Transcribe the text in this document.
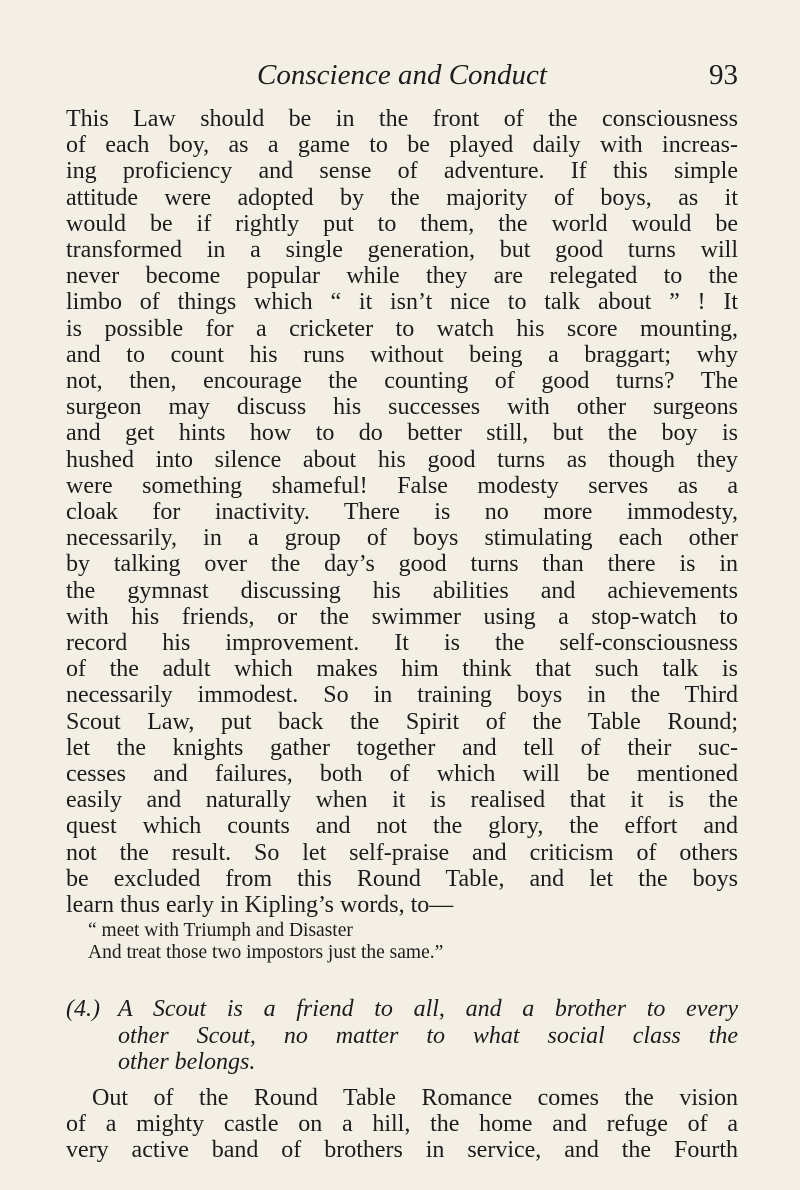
Conscience and Conduct	93
This Law should be in the front of the consciousness
of each boy, as a game to be played daily with increas-
ing proficiency and sense of adventure. If this simple
attitude were adopted by the majority of boys, as it
would be if rightly put to them, the world would be
transformed in a single generation, but good turns will
never become popular while they are relegated to the
limbo of things which “ it isn’t nice to talk about ” ! It
is possible for a cricketer to watch his score mounting,
and to count his runs without being a braggart; why
not, then, encourage the counting of good turns? The
surgeon may discuss his successes with other surgeons
and get hints how to do better still, but the boy is
hushed into silence about his good turns as though they
were something shameful! False modesty serves as a
cloak for inactivity. There is no more immodesty,
necessarily, in a group of boys stimulating each other
by talking over the day’s good turns than there is in
the gymnast discussing his abilities and achievements
with his friends, or the swimmer using a stop-watch to
record his improvement. It is the self-consciousness
of the adult which makes him think that such talk is
necessarily immodest. So in training boys in the Third
Scout Law, put back the Spirit of the Table Round;
let the knights gather together and tell of their suc-
cesses and failures, both of which will be mentioned
easily and naturally when it is realised that it is the
quest which counts and not the glory, the effort and
not the result. So let self-praise and criticism of others
be excluded from this Round Table, and let the boys
learn thus early in Kipling’s words, to—
“ meet with Triumph and Disaster
And treat those two impostors just the same.”
(4.) A Scout is a friend to all, and a brother to every
other Scout, no matter to what social class the
other belongs.
Out of the Round Table Romance comes the vision
of a mighty castle on a hill, the home and refuge of a
very active band of brothers in service, and the Fourth
